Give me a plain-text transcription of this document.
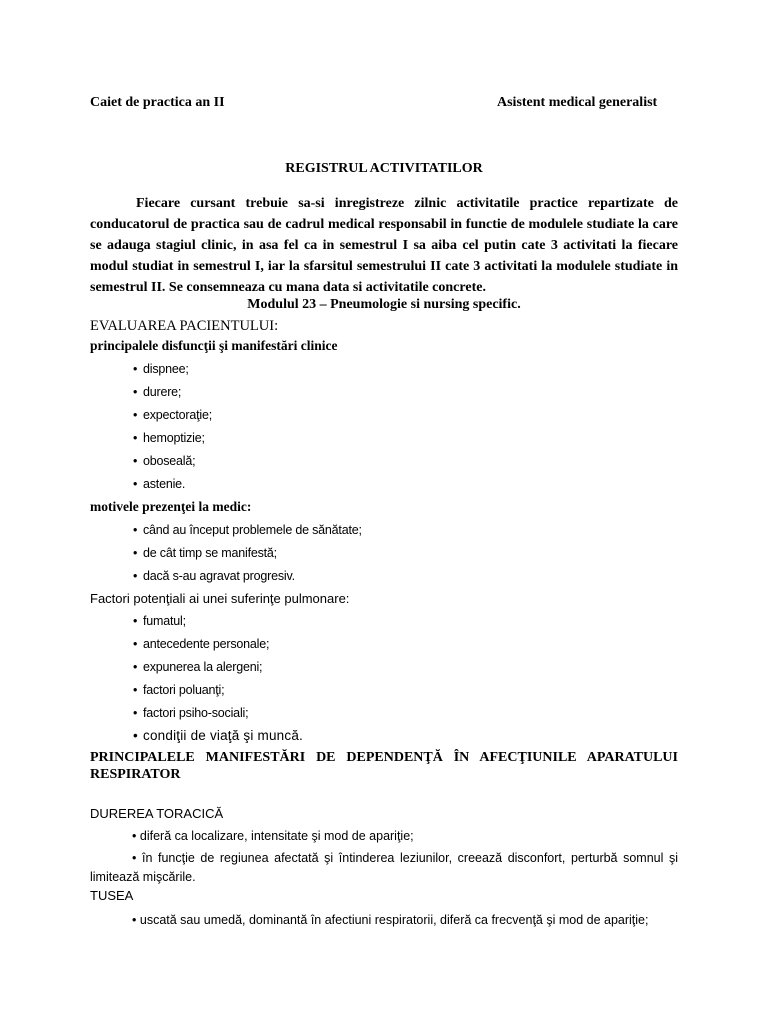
Caiet de practica an II	Asistent medical generalist
REGISTRUL ACTIVITATILOR

Fiecare cursant trebuie sa-si inregistreze zilnic activitatile practice repartizate de conducatorul de practica sau de cadrul medical responsabil in functie de modulele studiate la care se adauga stagiul clinic, in asa fel ca in semestrul I sa aiba cel putin cate 3 activitati la fiecare modul studiat in semestrul I, iar la sfarsitul semestrului II cate 3 activitati la modulele studiate in semestrul II. Se consemneaza cu mana data si activitatile concrete.

Modulul 23 – Pneumologie si nursing specific.
EVALUAREA PACIENTULUI:
principalele disfuncţii şi manifestări clinice
• dispnee;
• durere;
• expectoraţie;
• hemoptizie;
• oboseală;
• astenie.
motivele prezenţei la medic:
• când au început problemele de sănătate;
• de cât timp se manifestă;
• dacă s-au agravat progresiv.
Factori potenţiali ai unei suferinţe pulmonare:
• fumatul;
• antecedente personale;
• expunerea la alergeni;
• factori poluanţi;
• factori psiho-sociali;
• condiţii de viaţă şi muncă.

PRINCIPALELE MANIFESTĂRI DE DEPENDENŢĂ ÎN AFECŢIUNILE APARATULUI

RESPIRATOR
DUREREA TORACICĂ

• diferă ca localizare, intensitate şi mod de apariţie;

• în funcţie de regiunea afectată şi întinderea leziunilor, creează disconfort, perturbă somnul şi limitează mişcările.

TUSEA

• uscată sau umedă, dominantă în afectiuni respiratorii, diferă ca frecvenţă şi mod de apariţie;
